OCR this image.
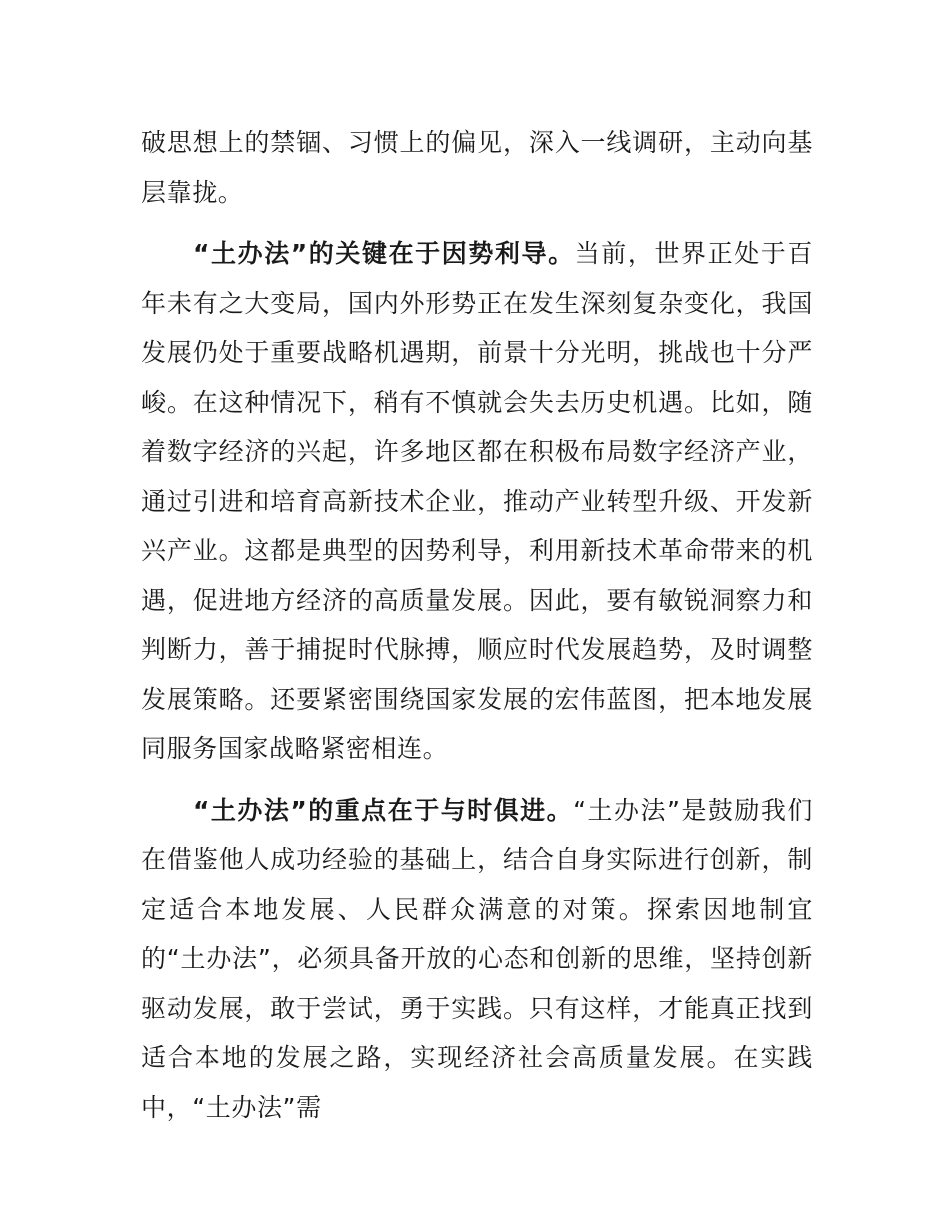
破思想上的禁锢、习惯上的偏见，深入一线调研，主动向基层靠拢。

“土办法”的关键在于因势利导。当前，世界正处于百年未有之大变局，国内外形势正在发生深刻复杂变化，我国发展仍处于重要战略机遇期，前景十分光明，挑战也十分严峻。在这种情况下，稍有不慎就会失去历史机遇。比如，随着数字经济的兴起，许多地区都在积极布局数字经济产业，通过引进和培育高新技术企业，推动产业转型升级、开发新兴产业。这都是典型的因势利导，利用新技术革命带来的机遇，促进地方经济的高质量发展。因此，要有敏锐洞察力和判断力，善于捕捉时代脉搏，顺应时代发展趋势，及时调整发展策略。还要紧密围绕国家发展的宏伟蓝图，把本地发展同服务国家战略紧密相连。

“土办法”的重点在于与时俱进。“土办法”是鼓励我们在借鉴他人成功经验的基础上，结合自身实际进行创新，制定适合本地发展、人民群众满意的对策。探索因地制宜的“土办法”，必须具备开放的心态和创新的思维，坚持创新驱动发展，敢于尝试，勇于实践。只有这样，才能真正找到适合本地的发展之路，实现经济社会高质量发展。在实践中，“土办法”需
